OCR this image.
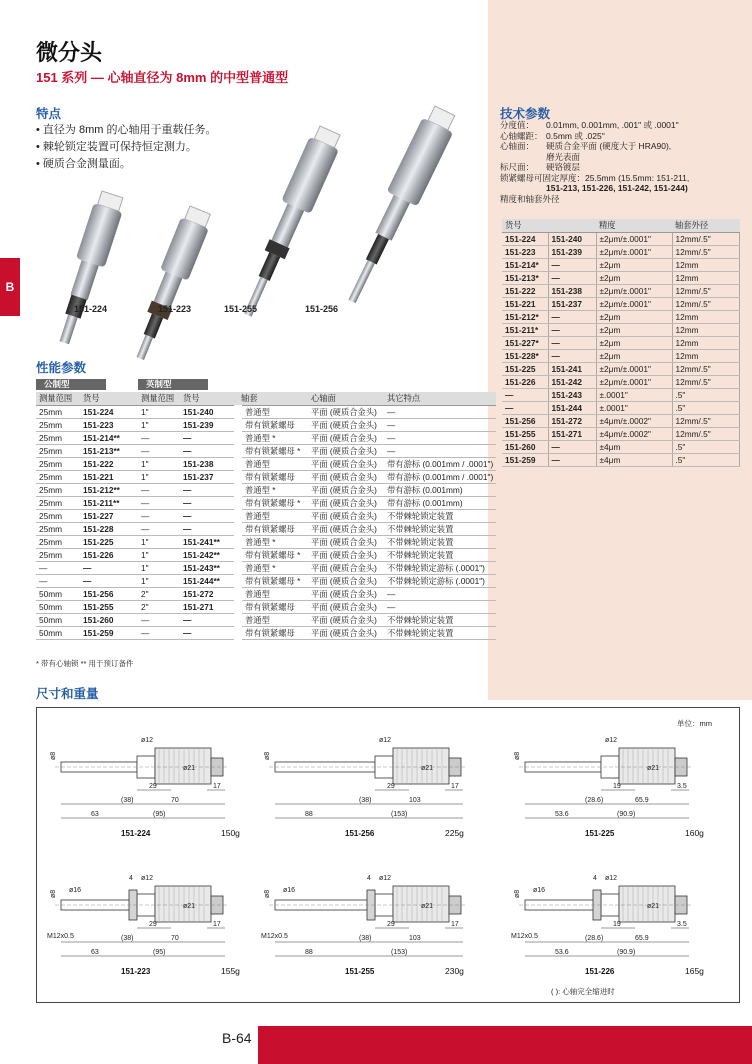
B
微分头
151 系列 — 心轴直径为 8mm 的中型普通型
特点
• 直径为 8mm 的心轴用于重载任务。
• 棘轮锁定装置可保持恒定测力。
• 硬质合金测量面。
151-224	151-223	151-255	151-256
技术参数
分度值：	0.01mm, 0.001mm, .001" 或 .0001"
心轴螺距： 0.5mm 或 .025"
心轴面：	硬质合金平面 (硬度大于 HRA90),
磨光表面
标尺面：	硬铬镀层
锁紧螺母可固定厚度： 25.5mm (15.5mm: 151-211,
151-213, 151-226, 151-242, 151-244)
精度和轴套外径
货号		精度	轴套外径
151-224	151-240	±2μm/±.0001"	12mm/.5"
151-223	151-239	±2μm/±.0001"	12mm/.5"
151-214*	—	±2μm	12mm
151-213*	—	±2μm	12mm
151-222	151-238	±2μm/±.0001"	12mm/.5"
151-221	151-237	±2μm/±.0001"	12mm/.5"
151-212*	—	±2μm	12mm
151-211*	—	±2μm	12mm
151-227*	—	±2μm	12mm
151-228*	—	±2μm	12mm
151-225	151-241	±2μm/±.0001"	12mm/.5"
151-226	151-242	±2μm/±.0001"	12mm/.5"
—	151-243	±.0001"	.5"
—	151-244	±.0001"	.5"
151-256	151-272	±4μm/±.0002"	12mm/.5"
151-255	151-271	±4μm/±.0002"	12mm/.5"
151-260	—	±4μm	.5"
151-259	—	±4μm	.5"
性能参数
公制型	英制型
测量范围	货号	测量范围	货号	轴套	心轴面	其它特点
25mm	151-224	1"	151-240	普通型	平面 (硬质合金头)	—
25mm	151-223	1"	151-239	带有锁紧螺母	平面 (硬质合金头)	—
25mm	151-214**	—	—	普通型 *	平面 (硬质合金头)	—
25mm	151-213**	—	—	带有锁紧螺母 *	平面 (硬质合金头)	—
25mm	151-222	1"	151-238	普通型	平面 (硬质合金头)	带有游标 (0.001mm / .0001")
25mm	151-221	1"	151-237	带有锁紧螺母	平面 (硬质合金头)	带有游标 (0.001mm / .0001")
25mm	151-212**	—	—	普通型 *	平面 (硬质合金头)	带有游标 (0.001mm)
25mm	151-211**	—	—	带有锁紧螺母 *	平面 (硬质合金头)	带有游标 (0.001mm)
25mm	151-227	—	—	普通型	平面 (硬质合金头)	不带棘轮锁定装置
25mm	151-228	—	—	带有锁紧螺母	平面 (硬质合金头)	不带棘轮锁定装置
25mm	151-225	1"	151-241**	普通型 *	平面 (硬质合金头)	不带棘轮锁定装置
25mm	151-226	1"	151-242**	带有锁紧螺母 *	平面 (硬质合金头)	不带棘轮锁定装置
—	—	1"	151-243**	普通型 *	平面 (硬质合金头)	不带棘轮锁定游标 (.0001")
—	—	1"	151-244**	带有锁紧螺母 *	平面 (硬质合金头)	不带棘轮锁定游标 (.0001")
50mm	151-256	2"	151-272	普通型	平面 (硬质合金头)	—
50mm	151-255	2"	151-271	带有锁紧螺母	平面 (硬质合金头)	—
50mm	151-260	—	—	普通型	平面 (硬质合金头)	不带棘轮锁定装置
50mm	151-259	—	—	带有锁紧螺母	平面 (硬质合金头)	不带棘轮锁定装置
* 带有心轴锁 ** 用于预订备件
尺寸和重量
单位：mm
( ): 心轴完全缩进时
ø8
ø12
ø21
29	17
(38)	70
63	(95)
151-224	150g
ø8
ø12
ø21
29	17
(38)	103
88	(153)
151-256	225g
ø8
ø12
ø21
19	3.5
(28.6)	65.9
53.6	(90.9)
151-225	160g
ø8
ø12
ø21
29	17
(38)	70
63	(95)
M12x0.5
4
ø16
151-223	155g
ø8
ø12
ø21
29	17
(38)	103
88	(153)
M12x0.5
4
ø16
151-255	230g
ø8
ø12
ø21
19	3.5
(28.6)	65.9
53.6	(90.9)
M12x0.5
4
ø16
151-226	165g
B-64
